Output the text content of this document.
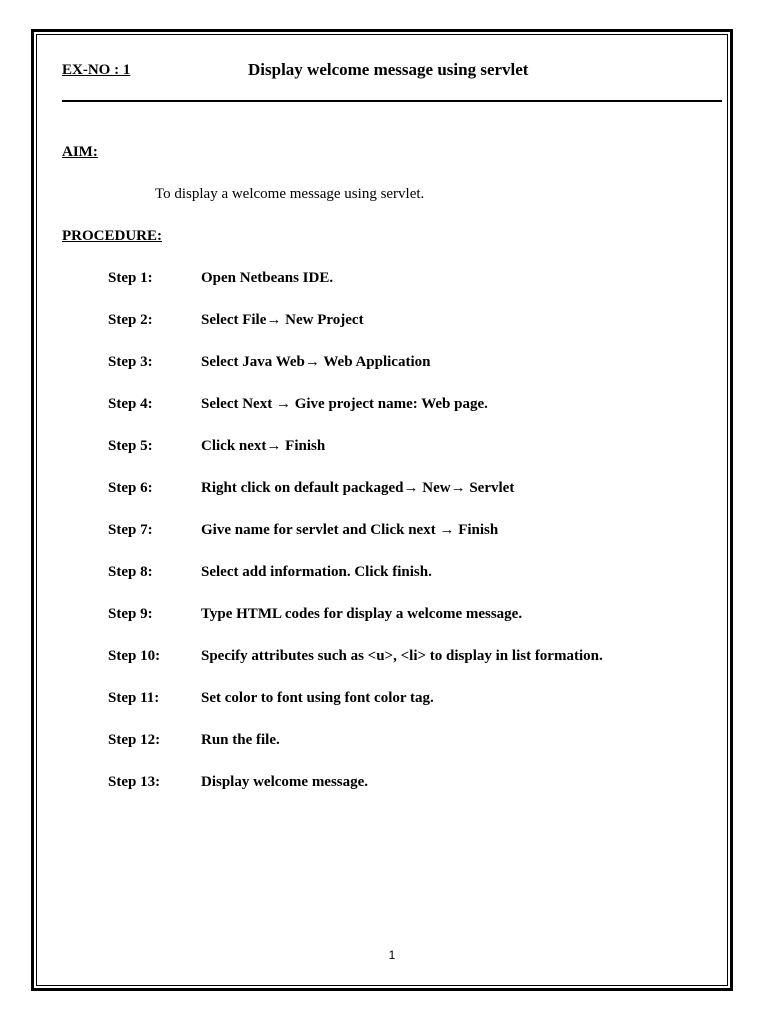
EX-NO : 1	Display welcome message using servlet
AIM:
To display a welcome message using servlet.
PROCEDURE:
Step 1:	Open Netbeans IDE.
Step 2:	Select File→ New Project
Step 3:	Select Java Web→ Web Application
Step 4:	Select Next → Give project name: Web page.
Step 5:	Click next→ Finish
Step 6:	Right click on default packaged→ New→ Servlet
Step 7:	Give name for servlet and Click next → Finish
Step 8:	Select add information. Click finish.
Step 9:	Type HTML codes for display a welcome message.
Step 10:	Specify attributes such as <u>, <li> to display in list formation.
Step 11:	Set color to font using font color tag.
Step 12:	Run the file.
Step 13:	Display welcome message.
1
